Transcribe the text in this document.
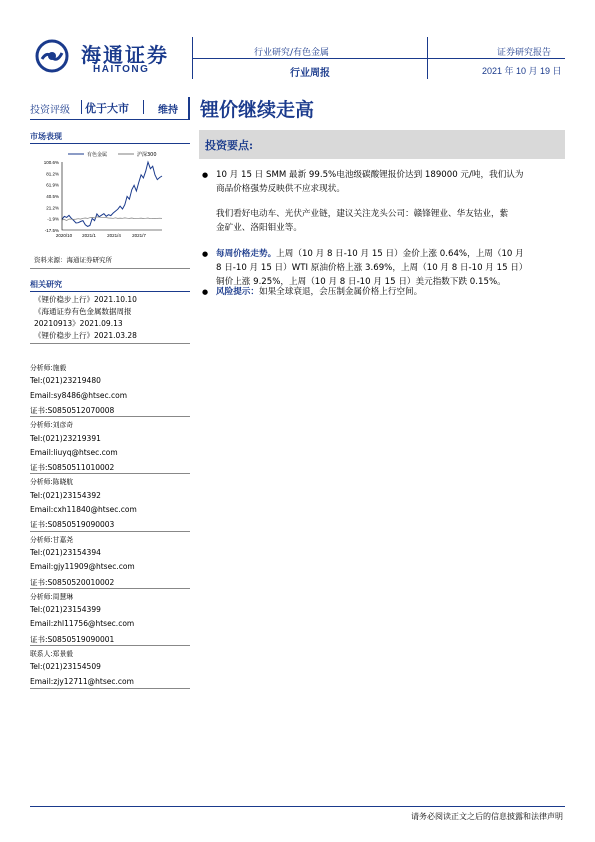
海通证券
HAITONG
行业研究/有色金属
行业周报
证券研究报告
2021 年 10 月 19 日
投资评级	优于大市	维持 锂价继续走高
市场表现
有色金属	沪深300
100.6%
81.2%
61.9%
40.5%
21.2%
-1.9%
-17.5%
2020/10 2021/1 2021/4 2021/7
资料来源：海通证券研究所
相关研究
《锂价稳步上行》2021.10.10
《海通证券有色金属数据周报
20210913》2021.09.13
《锂价稳步上行》2021.03.28
分析师:施毅
Tel:(021)23219480
Email:sy8486@htsec.com
证书:S0850512070008
分析师:刘彦奇
Tel:(021)23219391
Email:liuyq@htsec.com
证书:S0850511010002
分析师:陈晓航
Tel:(021)23154392
Email:cxh11840@htsec.com
证书:S0850519090003
分析师:甘嘉尧
Tel:(021)23154394
Email:gjy11909@htsec.com
证书:S0850520010002
分析师:周慧琳
Tel:(021)23154399
Email:zhl11756@htsec.com
证书:S0850519090001
联系人:郑景毅
Tel:(021)23154509
Email:zjy12711@htsec.com
投资要点:
● 10 月 15 日 SMM 最新 99.5%电池级碳酸锂报价达到 189000 元/吨，我们认为
商品价格强势反映供不应求现状。
我们看好电动车、光伏产业链，建议关注龙头公司：赣锋锂业、华友钴业，紫
金矿业、洛阳钼业等。
● 每周价格走势。上周（10 月 8 日-10 月 15 日）金价上涨 0.64%，上周（10 月
8 日-10 月 15 日）WTI 原油价格上涨 3.69%，上周（10 月 8 日-10 月 15 日）
铜价上涨 9.25%，上周（10 月 8 日-10 月 15 日）美元指数下跌 0.15%。
● 风险提示：如果全球衰退，会压制金属价格上行空间。
请务必阅读正文之后的信息披露和法律声明
